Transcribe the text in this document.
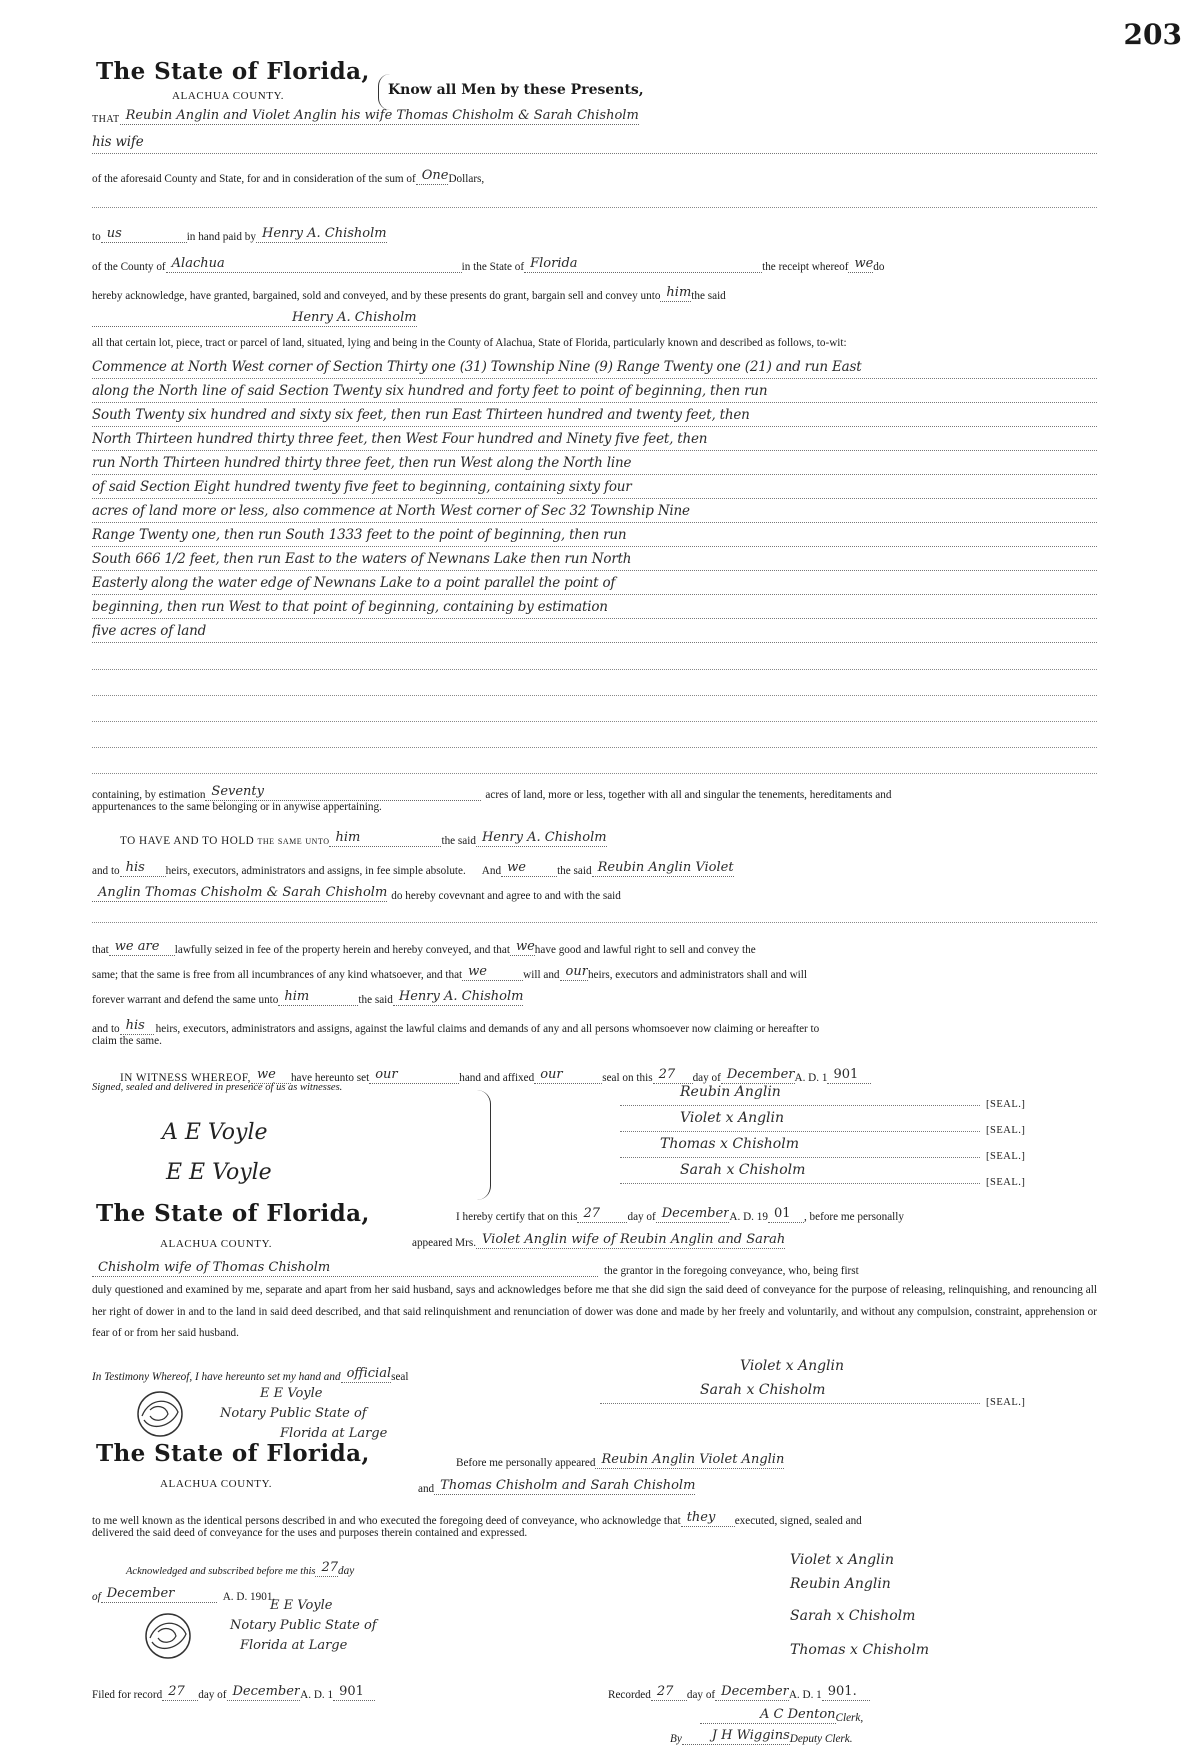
203
The State of Florida,
ALACHUA COUNTY.	Know all Men by these Presents,
THAT Reubin Anglin and Violet Anglin his wife Thomas Chisholm & Sarah Chisholm
his wife
of the aforesaid County and State, for and in consideration of the sum of One Dollars,
to us	in hand paid by Henry A. Chisholm
of the County of Alachua	in the State of Florida	the receipt whereof we do
hereby acknowledge, have granted, bargained, sold and conveyed, and by these presents do grant, bargain sell and convey unto him the said
Henry A. Chisholm
all that certain lot, piece, tract or parcel of land, situated, lying and being in the County of Alachua, State of Florida, particularly known and described as follows, to-wit:
Commence at North West corner of Section Thirty one (31) Township Nine (9) Range Twenty one (21) and run East
along the North line of said Section Twenty six hundred and forty feet to point of beginning, then run
South Twenty six hundred and sixty six feet, then run East Thirteen hundred and twenty feet, then
North Thirteen hundred thirty three feet, then West Four hundred and Ninety five feet, then
run North Thirteen hundred thirty three feet, then run West along the North line
of said Section Eight hundred twenty five feet to beginning, containing sixty four
acres of land more or less, also commence at North West corner of Sec 32 Township Nine
Range Twenty one, then run South 1333 feet to the point of beginning, then run
South 666 1/2 feet, then run East to the waters of Newnans Lake then run North
Easterly along the water edge of Newnans Lake to a point parallel the point of
beginning, then run West to that point of beginning, containing by estimation
five acres of land
containing, by estimation Seventy	acres of land, more or less, together with all and singular the tenements, hereditaments and
appurtenances to the same belonging or in anywise appertaining.
TO HAVE AND TO HOLD the same unto him	the said Henry A. Chisholm
and to his	heirs, executors, administrators and assigns, in fee simple absolute.	And we	the said Reubin Anglin Violet
Anglin Thomas Chisholm & Sarah Chisholm do hereby covevnant and agree to and with the said
that we are	lawfully seized in fee of the property herein and hereby conveyed, and that we have good and lawful right to sell and convey the
same; that the same is free from all incumbrances of any kind whatsoever, and that we	will and our heirs, executors and administrators shall and will
forever warrant and defend the same unto him	the said Henry A. Chisholm
and to his heirs, executors, administrators and assigns, against the lawful claims and demands of any and all persons whomsoever now claiming or hereafter to
claim the same.
IN WITNESS WHEREOF, we	have hereunto set our	hand and affixed our	seal on this 27	day of December A. D. 1 901
Signed, sealed and delivered in presence of us as witnesses.
A E Voyle
E E Voyle
Reubin Anglin
[SEAL.]
Violet x Anglin
[SEAL.]
Thomas x Chisholm
[SEAL.]
Sarah x Chisholm
[SEAL.]
The State of Florida,
ALACHUA COUNTY.
I hereby certify that on this 27	day of December A. D. 19 01	, before me personally
appeared Mrs. Violet Anglin wife of Reubin Anglin and Sarah
Chisholm wife of Thomas Chisholm	the grantor in the foregoing conveyance, who, being first
duly questioned and examined by me, separate and apart from her said husband, says and acknowledges before me that she did sign the said deed of conveyance for the purpose of releasing, relinquishing, and renouncing all her right of dower in and to the land in said deed described, and that said relinquishment and renunciation of dower was done and made by her freely and voluntarily, and without any compulsion, constraint, apprehension or fear of or from her said husband.
In Testimony Whereof, I have hereunto set my hand and official seal
Violet x Anglin
Sarah x Chisholm
[SEAL.]
E E Voyle
Notary Public State of
Florida at Large
The State of Florida,
ALACHUA COUNTY.
Before me personally appeared Reubin Anglin Violet Anglin
and Thomas Chisholm and Sarah Chisholm
to me well known as the identical persons described in and who executed the foregoing deed of conveyance, who acknowledge that they	executed, signed, sealed and
delivered the said deed of conveyance for the uses and purposes therein contained and expressed.
Acknowledged and subscribed before me this 27 day
of December	A. D. 1901.
E E Voyle
Notary Public State of
Florida at Large
Violet x Anglin
Reubin Anglin
Sarah x Chisholm
Thomas x Chisholm
Filed for record 27	day of December A. D. 1 901	Recorded 27	day of December A. D. 1 901.
A C Denton Clerk,
By	J H Wiggins Deputy Clerk.
